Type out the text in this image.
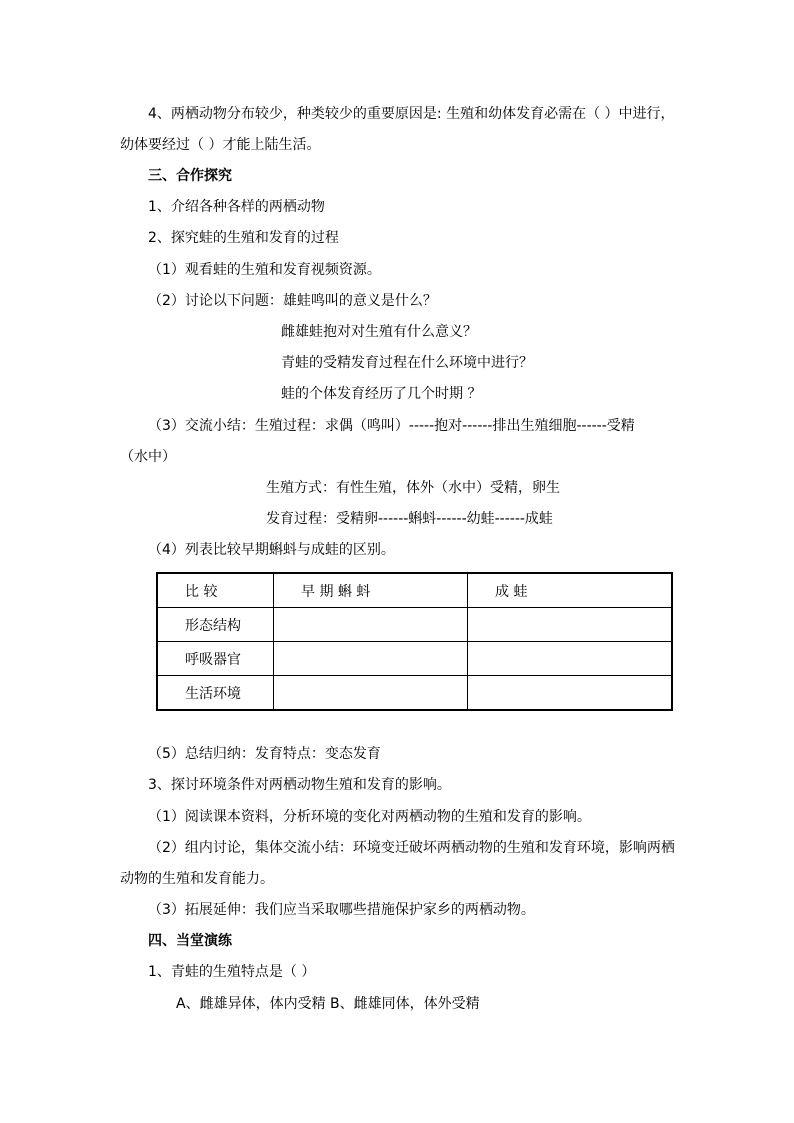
4、两栖动物分布较少，种类较少的重要原因是: 生殖和幼体发育必需在（ ）中进行，
幼体要经过（ ）才能上陆生活。
三、合作探究
1、介绍各种各样的两栖动物
2、探究蛙的生殖和发育的过程
（1）观看蛙的生殖和发育视频资源。
（2）讨论以下问题：雄蛙鸣叫的意义是什么？
雌雄蛙抱对对生殖有什么意义？
青蛙的受精发育过程在什么环境中进行？
蛙的个体发育经历了几个时期 ？
（3）交流小结：生殖过程：求偶（鸣叫）-----抱对------排出生殖细胞------受精
（水中）
生殖方式：有性生殖，体外（水中）受精，卵生
发育过程：受精卵------蝌蚪------幼蛙------成蛙
（4）列表比较早期蝌蚪与成蛙的区别。
比 较	早 期 蝌 蚪	成 蛙
形态结构		
呼吸器官		
生活环境		
（5）总结归纳：发育特点：变态发育
3、探讨环境条件对两栖动物生殖和发育的影响。
（1）阅读课本资料，分析环境的变化对两栖动物的生殖和发育的影响。
（2）组内讨论，集体交流小结：环境变迁破坏两栖动物的生殖和发育环境，影响两栖
动物的生殖和发育能力。
（3）拓展延伸：我们应当采取哪些措施保护家乡的两栖动物。
四、当堂演练
1、青蛙的生殖特点是（ ）
A、雌雄异体，体内受精 B、雌雄同体，体外受精
